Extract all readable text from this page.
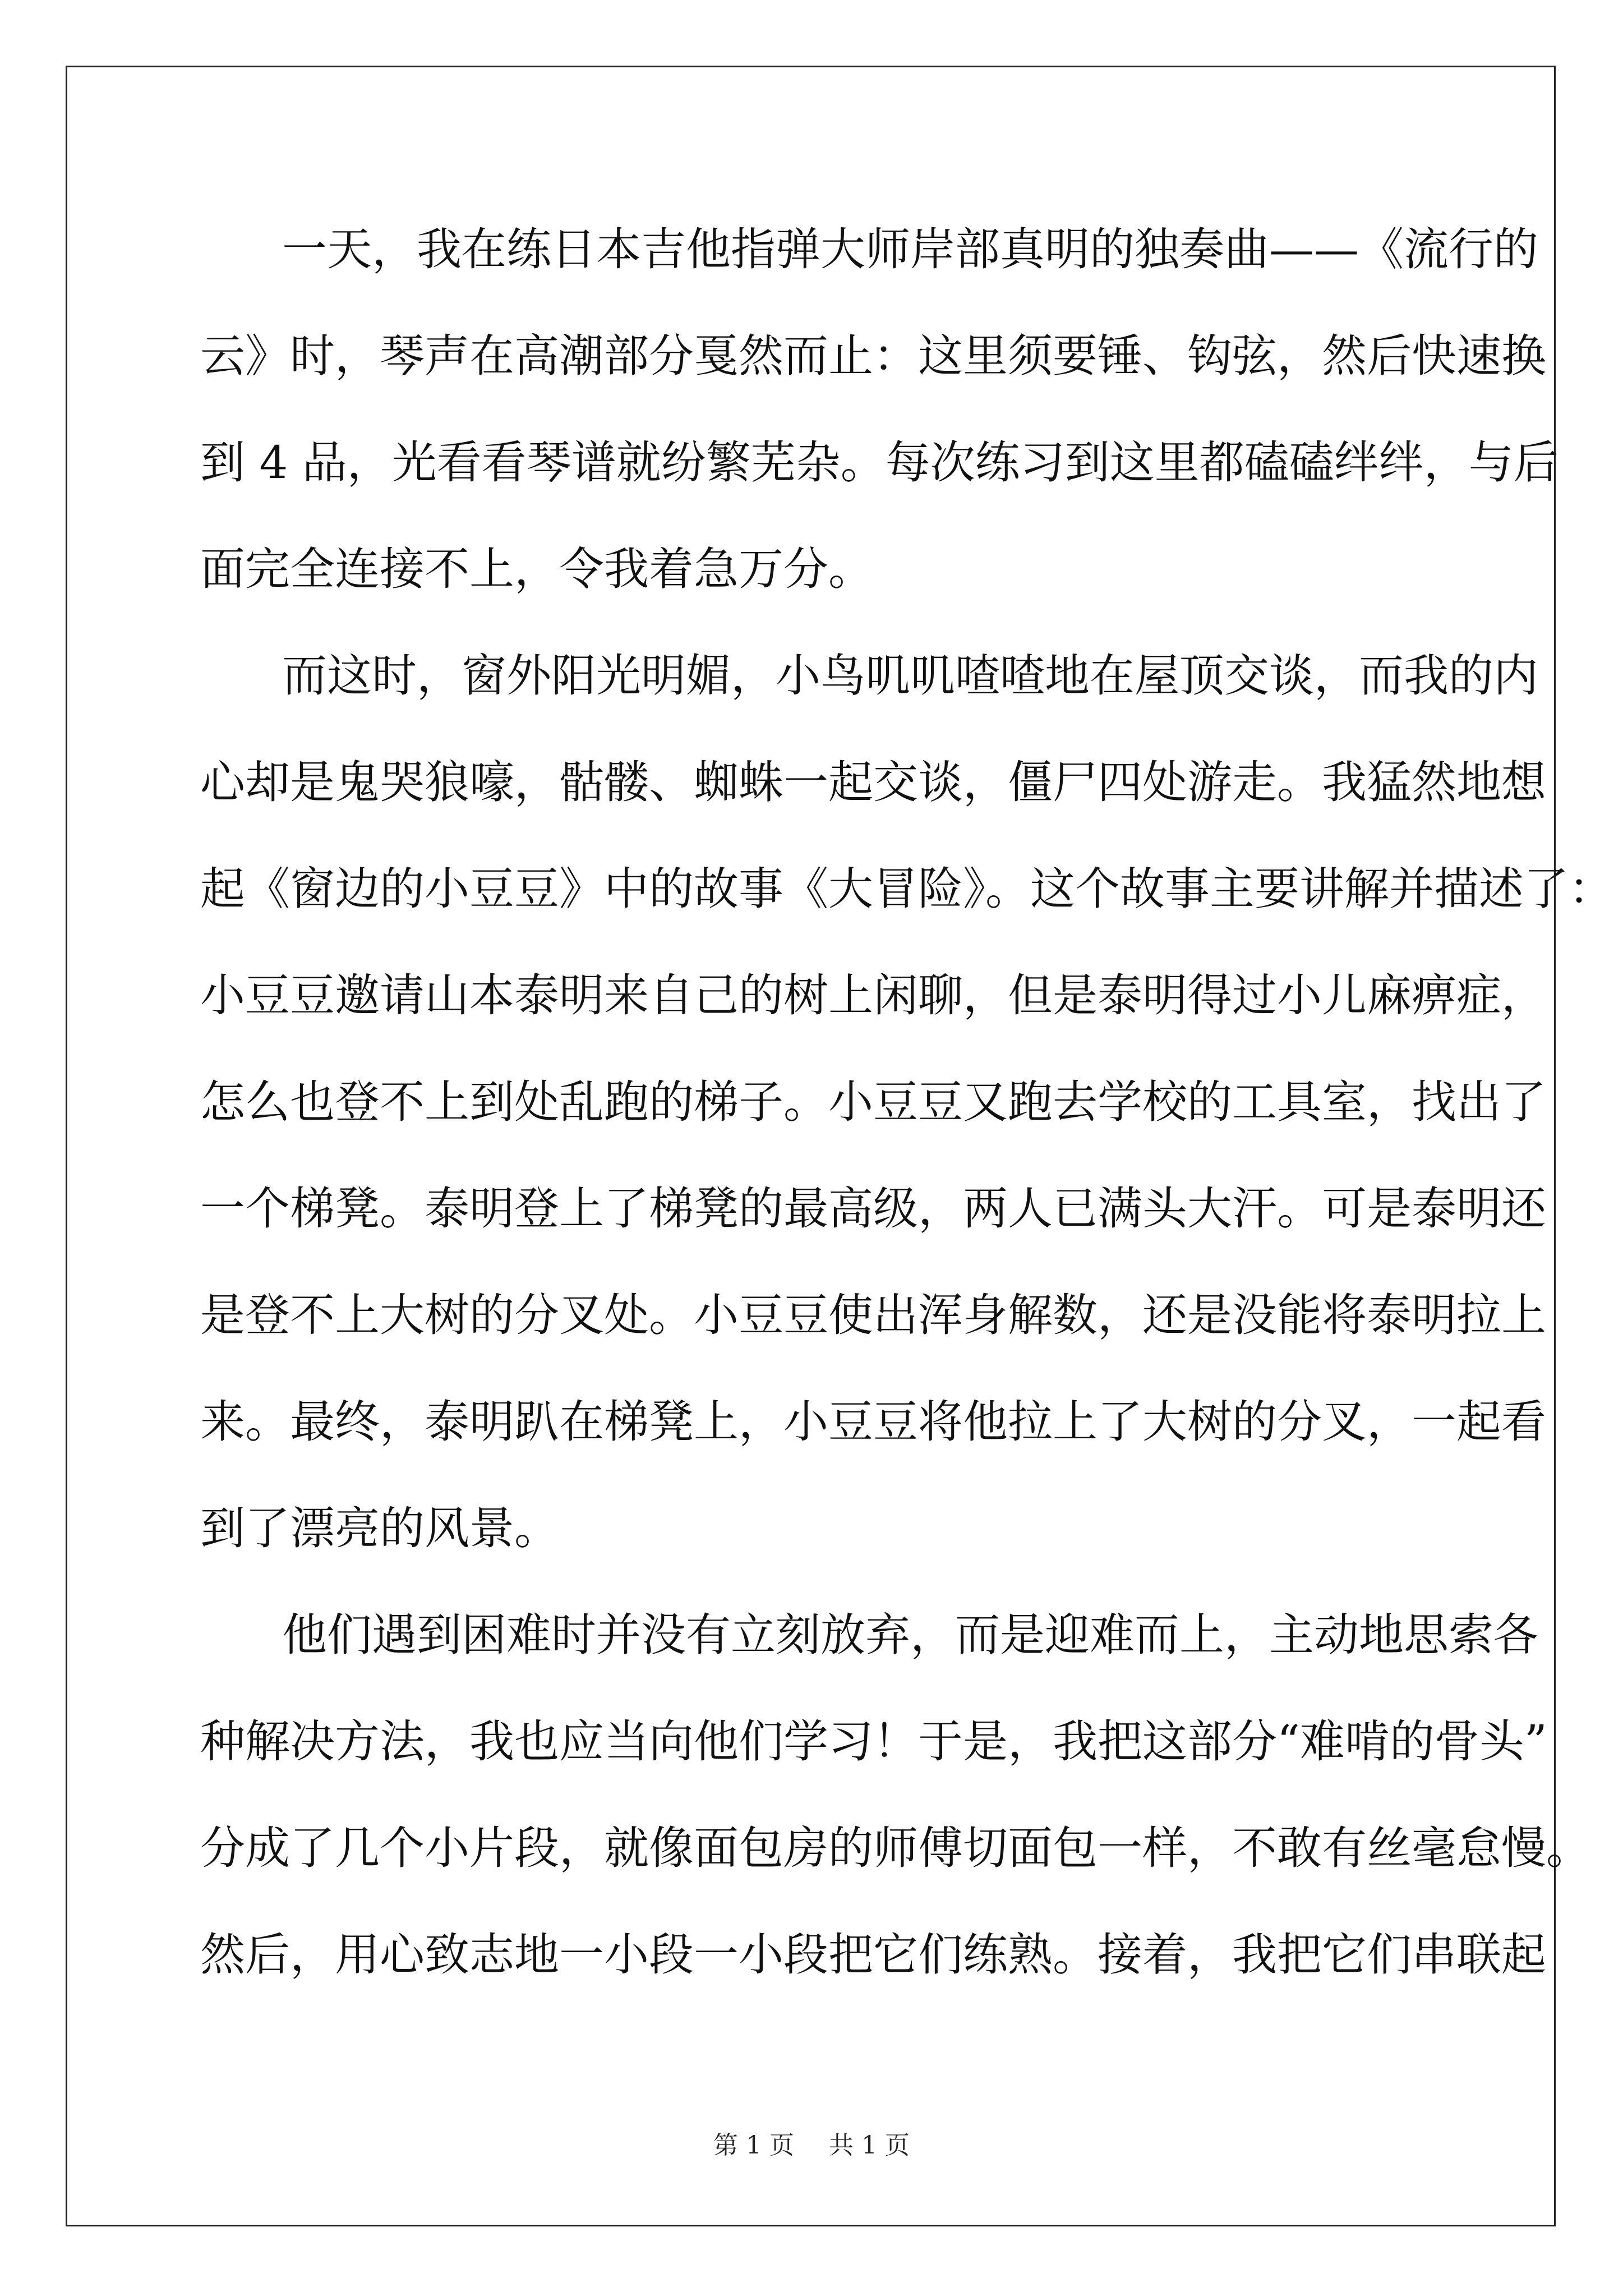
一天，我在练日本吉他指弹大师岸部真明的独奏曲——《流行的
云》时，琴声在高潮部分戛然而止：这里须要锤、钩弦，然后快速换
到 4 品，光看看琴谱就纷繁芜杂。每次练习到这里都磕磕绊绊，与后
面完全连接不上，令我着急万分。
而这时，窗外阳光明媚，小鸟叽叽喳喳地在屋顶交谈，而我的内
心却是鬼哭狼嚎，骷髅、蜘蛛一起交谈，僵尸四处游走。我猛然地想
起《窗边的小豆豆》中的故事《大冒险》。这个故事主要讲解并描述了：
小豆豆邀请山本泰明来自己的树上闲聊，但是泰明得过小儿麻痹症，
怎么也登不上到处乱跑的梯子。小豆豆又跑去学校的工具室，找出了
一个梯凳。泰明登上了梯凳的最高级，两人已满头大汗。可是泰明还
是登不上大树的分叉处。小豆豆使出浑身解数，还是没能将泰明拉上
来。最终，泰明趴在梯凳上，小豆豆将他拉上了大树的分叉，一起看
到了漂亮的风景。
他们遇到困难时并没有立刻放弃，而是迎难而上，主动地思索各
种解决方法，我也应当向他们学习！于是，我把这部分“难啃的骨头”
分成了几个小片段，就像面包房的师傅切面包一样，不敢有丝毫怠慢。
然后，用心致志地一小段一小段把它们练熟。接着，我把它们串联起
第 1 页 共 1 页
